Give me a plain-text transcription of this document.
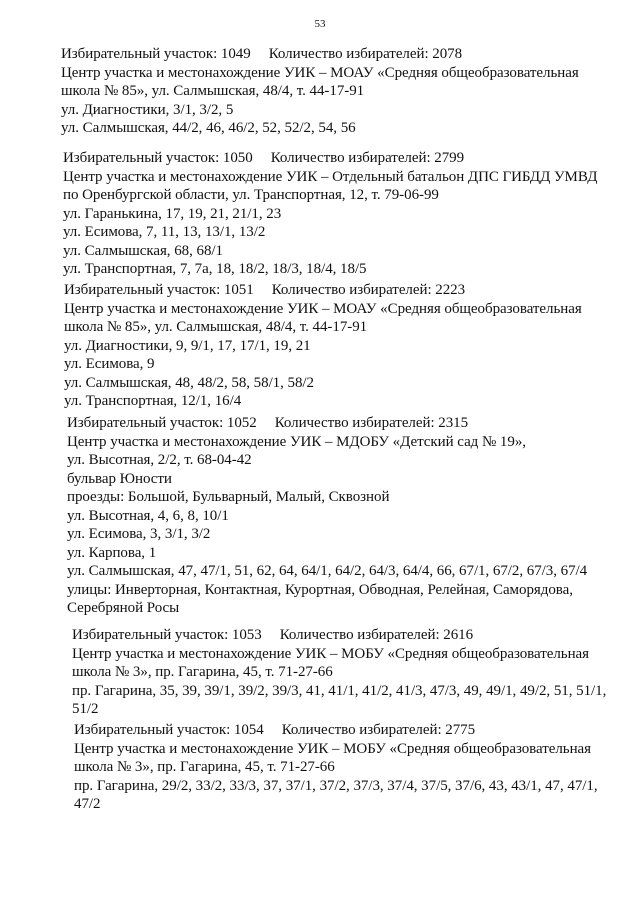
53
Избирательный участок: 1049 Количество избирателей: 2078
Центр участка и местонахождение УИК – МОАУ «Средняя общеобразовательная
школа № 85», ул. Салмышская, 48/4, т. 44-17-91
ул. Диагностики, 3/1, 3/2, 5
ул. Салмышская, 44/2, 46, 46/2, 52, 52/2, 54, 56
Избирательный участок: 1050 Количество избирателей: 2799
Центр участка и местонахождение УИК – Отдельный батальон ДПС ГИБДД УМВД
по Оренбургской области, ул. Транспортная, 12, т. 79-06-99
ул. Гаранькина, 17, 19, 21, 21/1, 23
ул. Есимова, 7, 11, 13, 13/1, 13/2
ул. Салмышская, 68, 68/1
ул. Транспортная, 7, 7а, 18, 18/2, 18/3, 18/4, 18/5
Избирательный участок: 1051 Количество избирателей: 2223
Центр участка и местонахождение УИК – МОАУ «Средняя общеобразовательная
школа № 85», ул. Салмышская, 48/4, т. 44-17-91
ул. Диагностики, 9, 9/1, 17, 17/1, 19, 21
ул. Есимова, 9
ул. Салмышская, 48, 48/2, 58, 58/1, 58/2
ул. Транспортная, 12/1, 16/4
Избирательный участок: 1052 Количество избирателей: 2315
Центр участка и местонахождение УИК – МДОБУ «Детский сад № 19»,
ул. Высотная, 2/2, т. 68-04-42
бульвар Юности
проезды: Большой, Бульварный, Малый, Сквозной
ул. Высотная, 4, 6, 8, 10/1
ул. Есимова, 3, 3/1, 3/2
ул. Карпова, 1
ул. Салмышская, 47, 47/1, 51, 62, 64, 64/1, 64/2, 64/3, 64/4, 66, 67/1, 67/2, 67/3, 67/4
улицы: Инверторная, Контактная, Курортная, Обводная, Релейная, Саморядова,
Серебряной Росы
Избирательный участок: 1053 Количество избирателей: 2616
Центр участка и местонахождение УИК – МОБУ «Средняя общеобразовательная
школа № 3», пр. Гагарина, 45, т. 71-27-66
пр. Гагарина, 35, 39, 39/1, 39/2, 39/3, 41, 41/1, 41/2, 41/3, 47/3, 49, 49/1, 49/2, 51, 51/1,
51/2
Избирательный участок: 1054 Количество избирателей: 2775
Центр участка и местонахождение УИК – МОБУ «Средняя общеобразовательная
школа № 3», пр. Гагарина, 45, т. 71-27-66
пр. Гагарина, 29/2, 33/2, 33/3, 37, 37/1, 37/2, 37/3, 37/4, 37/5, 37/6, 43, 43/1, 47, 47/1,
47/2
